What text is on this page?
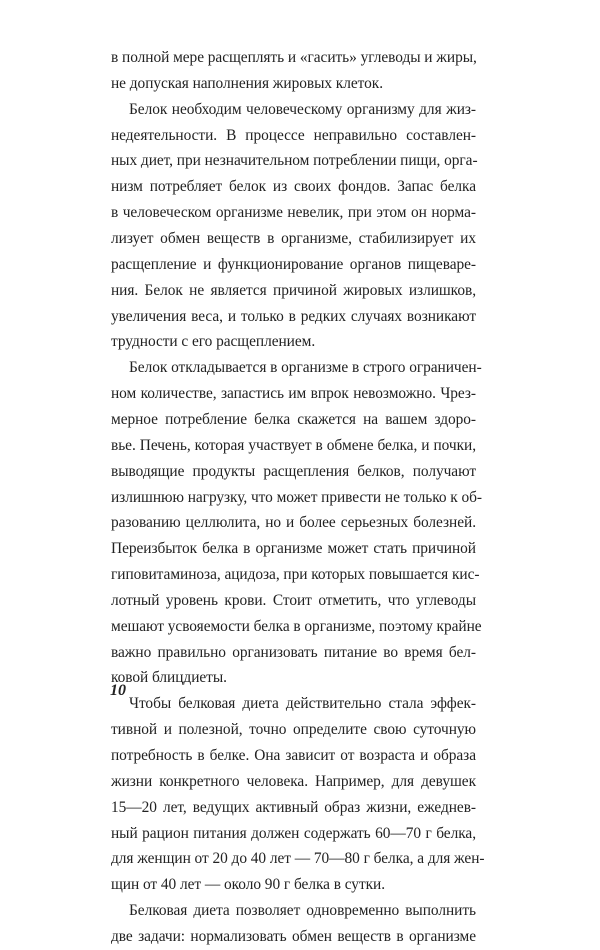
в полной мере расщеплять и «гасить» углеводы и жиры,
не допуская наполнения жировых клеток.
Белок необходим человеческому организму для жиз-
недеятельности. В процессе неправильно составлен-
ных диет, при незначительном потреблении пищи, орга-
низм потребляет белок из своих фондов. Запас белка
в человеческом организме невелик, при этом он норма-
лизует обмен веществ в организме, стабилизирует их
расщепление и функционирование органов пищеваре-
ния. Белок не является причиной жировых излишков,
увеличения веса, и только в редких случаях возникают
трудности с его расщеплением.
Белок откладывается в организме в строго ограничен-
ном количестве, запастись им впрок невозможно. Чрез-
мерное потребление белка скажется на вашем здоро-
вье. Печень, которая участвует в обмене белка, и почки,
выводящие продукты расщепления белков, получают
излишнюю нагрузку, что может привести не только к об-
разованию целлюлита, но и более серьезных болезней.
Переизбыток белка в организме может стать причиной
гиповитаминоза, ацидоза, при которых повышается кис-
лотный уровень крови. Стоит отметить, что углеводы
мешают усвояемости белка в организме, поэтому крайне
важно правильно организовать питание во время бел-
ковой блицдиеты.
Чтобы белковая диета действительно стала эффек-
тивной и полезной, точно определите свою суточную
потребность в белке. Она зависит от возраста и образа
жизни конкретного человека. Например, для девушек
15—20 лет, ведущих активный образ жизни, ежеднев-
ный рацион питания должен содержать 60—70 г белка,
для женщин от 20 до 40 лет — 70—80 г белка, а для жен-
щин от 40 лет — около 90 г белка в сутки.
Белковая диета позволяет одновременно выполнить
две задачи: нормализовать обмен веществ в организме
10
